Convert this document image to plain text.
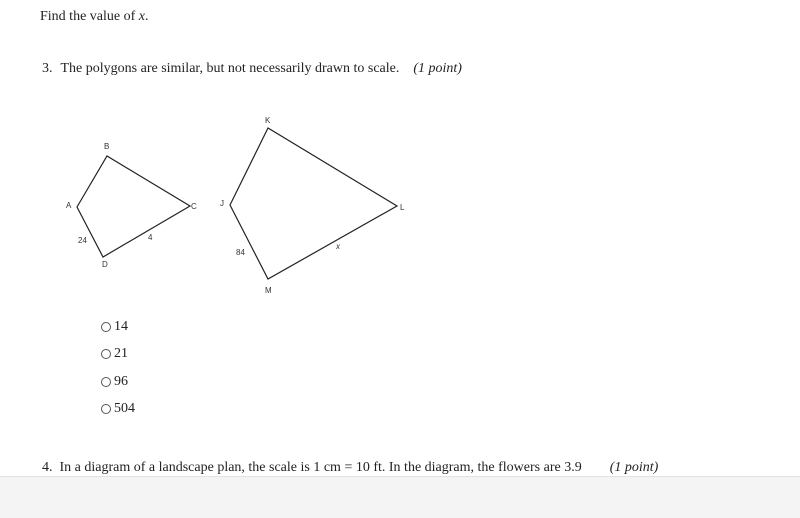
Find the value of x.
3. The polygons are similar, but not necessarily drawn to scale. (1 point)
A
B
C
D
24	4
J
K
L
M
84
x
14
21
96
504
4. In a diagram of a landscape plan, the scale is 1 cm = 10 ft. In the diagram, the flowers are 3.9 (1 point)
